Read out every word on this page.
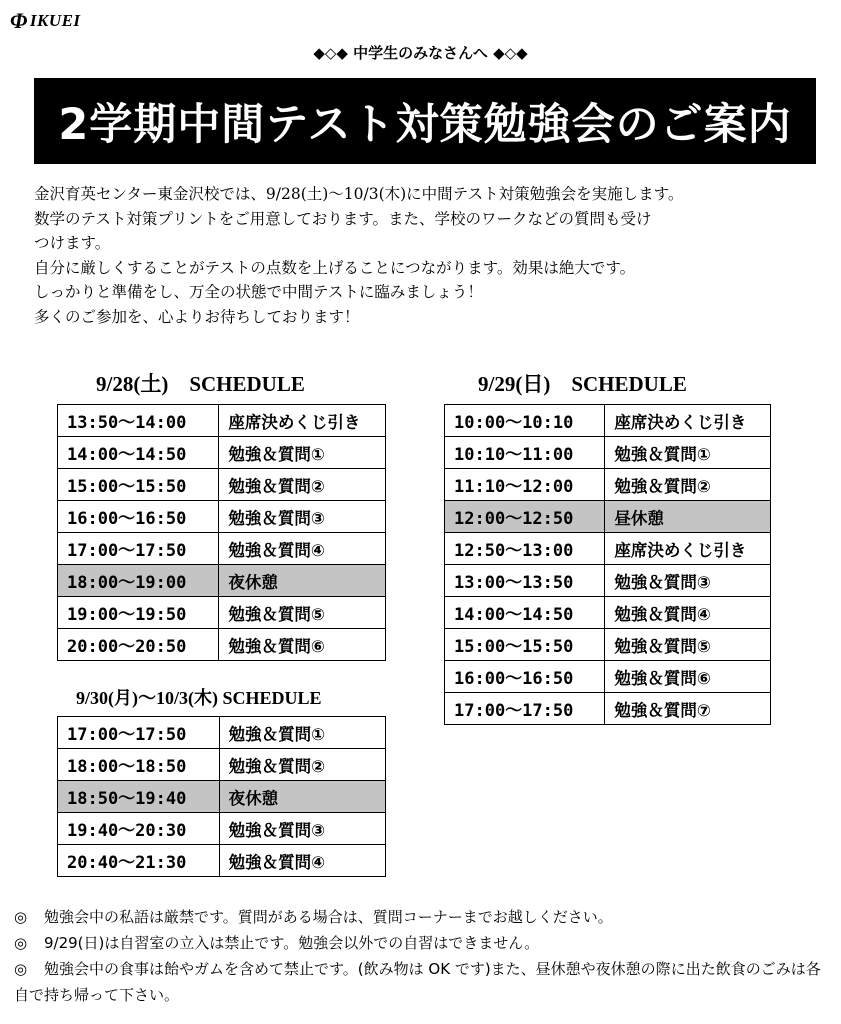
Φ IKUEI
◆◇◆ 中学生のみなさんへ ◆◇◆
2学期中間テスト対策勉強会のご案内

金沢育英センター東金沢校では、9/28(土)～10/3(木)に中間テスト対策勉強会を実施します。

数学のテスト対策プリントをご用意しております。また、学校のワークなどの質問も受け

つけます。

自分に厳しくすることがテストの点数を上げることにつながります。効果は絶大です。

しっかりと準備をし、万全の状態で中間テストに臨みましょう！

多くのご参加を、心よりお待ちしております！

9/28(土)　SCHEDULE
13:50～14:00	座席決めくじ引き
14:00～14:50	勉強＆質問①
15:00～15:50	勉強＆質問②
16:00～16:50	勉強＆質問③
17:00～17:50	勉強＆質問④
18:00～19:00	夜休憩
19:00～19:50	勉強＆質問⑤
20:00～20:50	勉強＆質問⑥
9/29(日)　SCHEDULE
10:00～10:10	座席決めくじ引き
10:10～11:00	勉強＆質問①
11:10～12:00	勉強＆質問②
12:00～12:50	昼休憩
12:50～13:00	座席決めくじ引き
13:00～13:50	勉強＆質問③
14:00～14:50	勉強＆質問④
15:00～15:50	勉強＆質問⑤
16:00～16:50	勉強＆質問⑥
17:00～17:50	勉強＆質問⑦
9/30(月)～10/3(木) SCHEDULE
17:00～17:50	勉強＆質問①
18:00～18:50	勉強＆質問②
18:50～19:40	夜休憩
19:40～20:30	勉強＆質問③
20:40～21:30	勉強＆質問④
◎ 勉強会中の私語は厳禁です。質問がある場合は、質問コーナーまでお越しください。
◎ 9/29(日)は自習室の立入は禁止です。勉強会以外での自習はできません。
◎ 勉強会中の食事は飴やガムを含めて禁止です。(飲み物は OK です)また、昼休憩や夜休憩の際に出た飲食のごみは各自で持ち帰って下さい。
